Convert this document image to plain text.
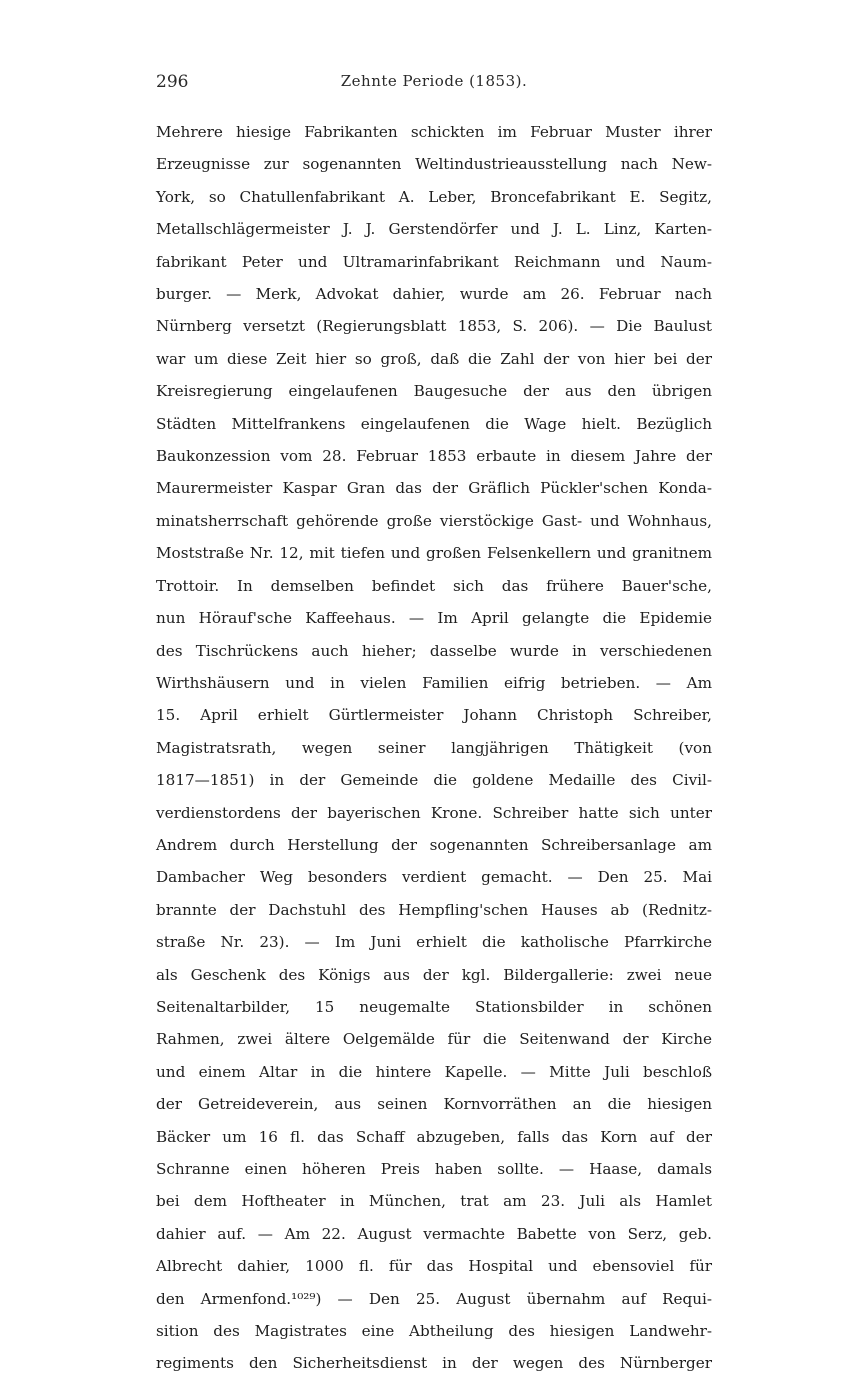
296	Zehnte Periode (1853).
Mehrere hiesige Fabrikanten schickten im Februar Muster ihrer
Erzeugnisse zur sogenannten Weltindustrieausstellung nach New-
York, so Chatullenfabrikant A. Leber, Broncefabrikant E. Segitz,
Metallschlägermeister J. J. Gerstendörfer und J. L. Linz, Karten-
fabrikant Peter und Ultramarinfabrikant Reichmann und Naum-
burger. — Merk, Advokat dahier, wurde am 26. Februar nach
Nürnberg versetzt (Regierungsblatt 1853, S. 206). — Die Baulust
war um diese Zeit hier so groß, daß die Zahl der von hier bei der
Kreisregierung eingelaufenen Baugesuche der aus den übrigen
Städten Mittelfrankens eingelaufenen die Wage hielt. Bezüglich
Baukonzession vom 28. Februar 1853 erbaute in diesem Jahre der
Maurermeister Kaspar Gran das der Gräflich Pückler'schen Konda-
minatsherrschaft gehörende große vierstöckige Gast- und Wohnhaus,
Moststraße Nr. 12, mit tiefen und großen Felsenkellern und granitnem
Trottoir. In demselben befindet sich das frühere Bauer'sche,
nun Hörauf'sche Kaffeehaus. — Im April gelangte die Epidemie
des Tischrückens auch hieher; dasselbe wurde in verschiedenen
Wirthshäusern und in vielen Familien eifrig betrieben. — Am
15. April erhielt Gürtlermeister Johann Christoph Schreiber,
Magistratsrath, wegen seiner langjährigen Thätigkeit (von
1817—1851) in der Gemeinde die goldene Medaille des Civil-
verdienstordens der bayerischen Krone. Schreiber hatte sich unter
Andrem durch Herstellung der sogenannten Schreibersanlage am
Dambacher Weg besonders verdient gemacht. — Den 25. Mai
brannte der Dachstuhl des Hempfling'schen Hauses ab (Rednitz-
straße Nr. 23). — Im Juni erhielt die katholische Pfarrkirche
als Geschenk des Königs aus der kgl. Bildergallerie: zwei neue
Seitenaltarbilder, 15 neugemalte Stationsbilder in schönen
Rahmen, zwei ältere Oelgemälde für die Seitenwand der Kirche
und einem Altar in die hintere Kapelle. — Mitte Juli beschloß
der Getreideverein, aus seinen Kornvorräthen an die hiesigen
Bäcker um 16 fl. das Schaff abzugeben, falls das Korn auf der
Schranne einen höheren Preis haben sollte. — Haase, damals
bei dem Hoftheater in München, trat am 23. Juli als Hamlet
dahier auf. — Am 22. August vermachte Babette von Serz, geb.
Albrecht dahier, 1000 fl. für das Hospital und ebensoviel für
den Armenfond.¹⁰²⁹) — Den 25. August übernahm auf Requi-
sition des Magistrates eine Abtheilung des hiesigen Landwehr-
regiments den Sicherheitsdienst in der wegen des Nürnberger
